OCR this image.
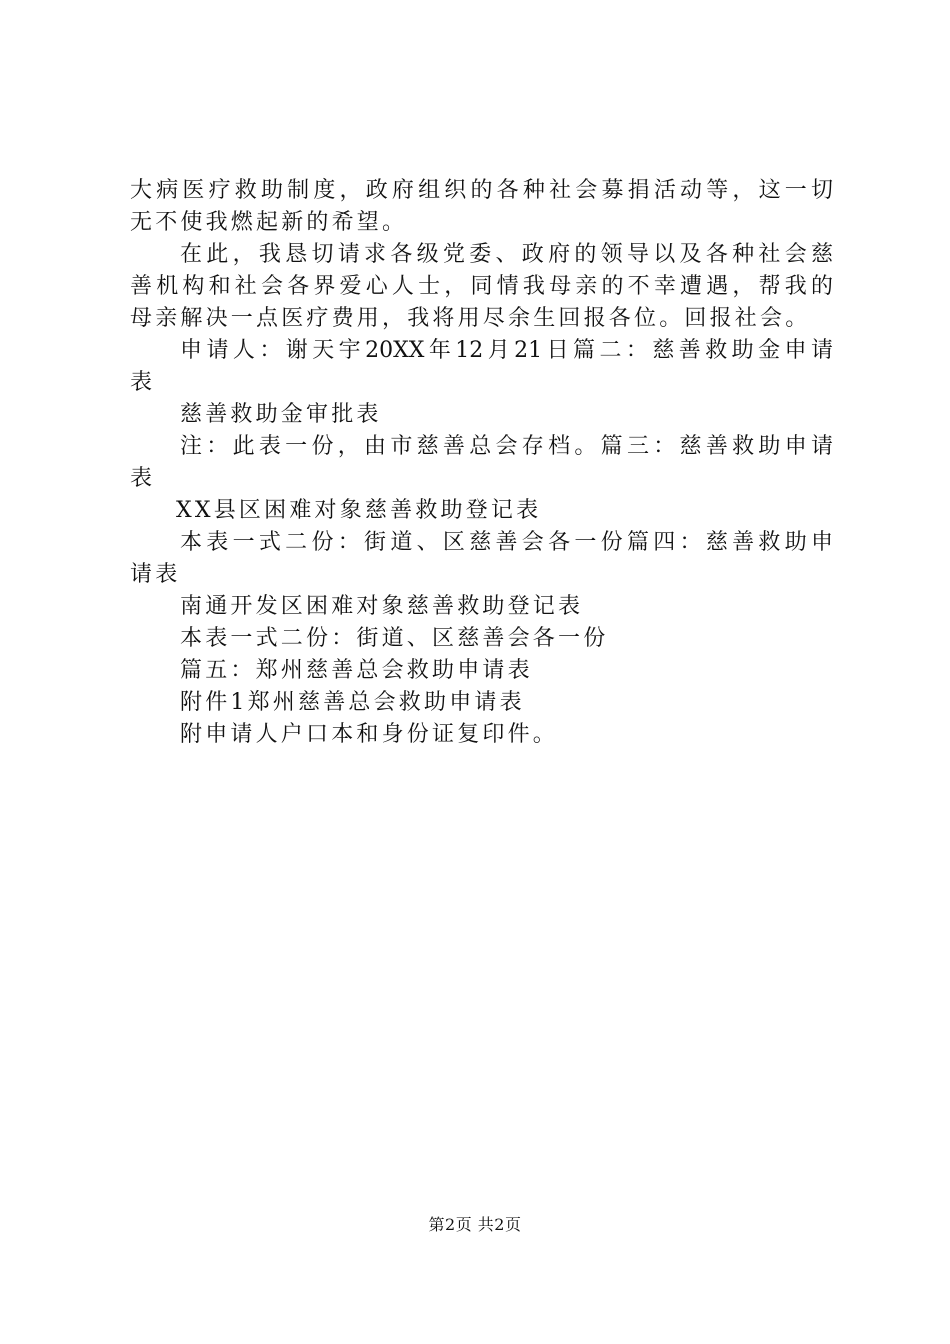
大病医疗救助制度，政府组织的各种社会募捐活动等，这一切
无不使我燃起新的希望。
在此，我恳切请求各级党委、政府的领导以及各种社会慈
善机构和社会各界爱心人士，同情我母亲的不幸遭遇，帮我的
母亲解决一点医疗费用，我将用尽余生回报各位。回报社会。
申请人：谢天宇20XX年12月21日篇二：慈善救助金申请
表
慈善救助金审批表
注：此表一份，由市慈善总会存档。篇三：慈善救助申请
表
XX县区困难对象慈善救助登记表
本表一式二份：街道、区慈善会各一份篇四：慈善救助申
请表
南通开发区困难对象慈善救助登记表
本表一式二份：街道、区慈善会各一份
篇五：郑州慈善总会救助申请表
附件1郑州慈善总会救助申请表
附申请人户口本和身份证复印件。
第2页 共2页
